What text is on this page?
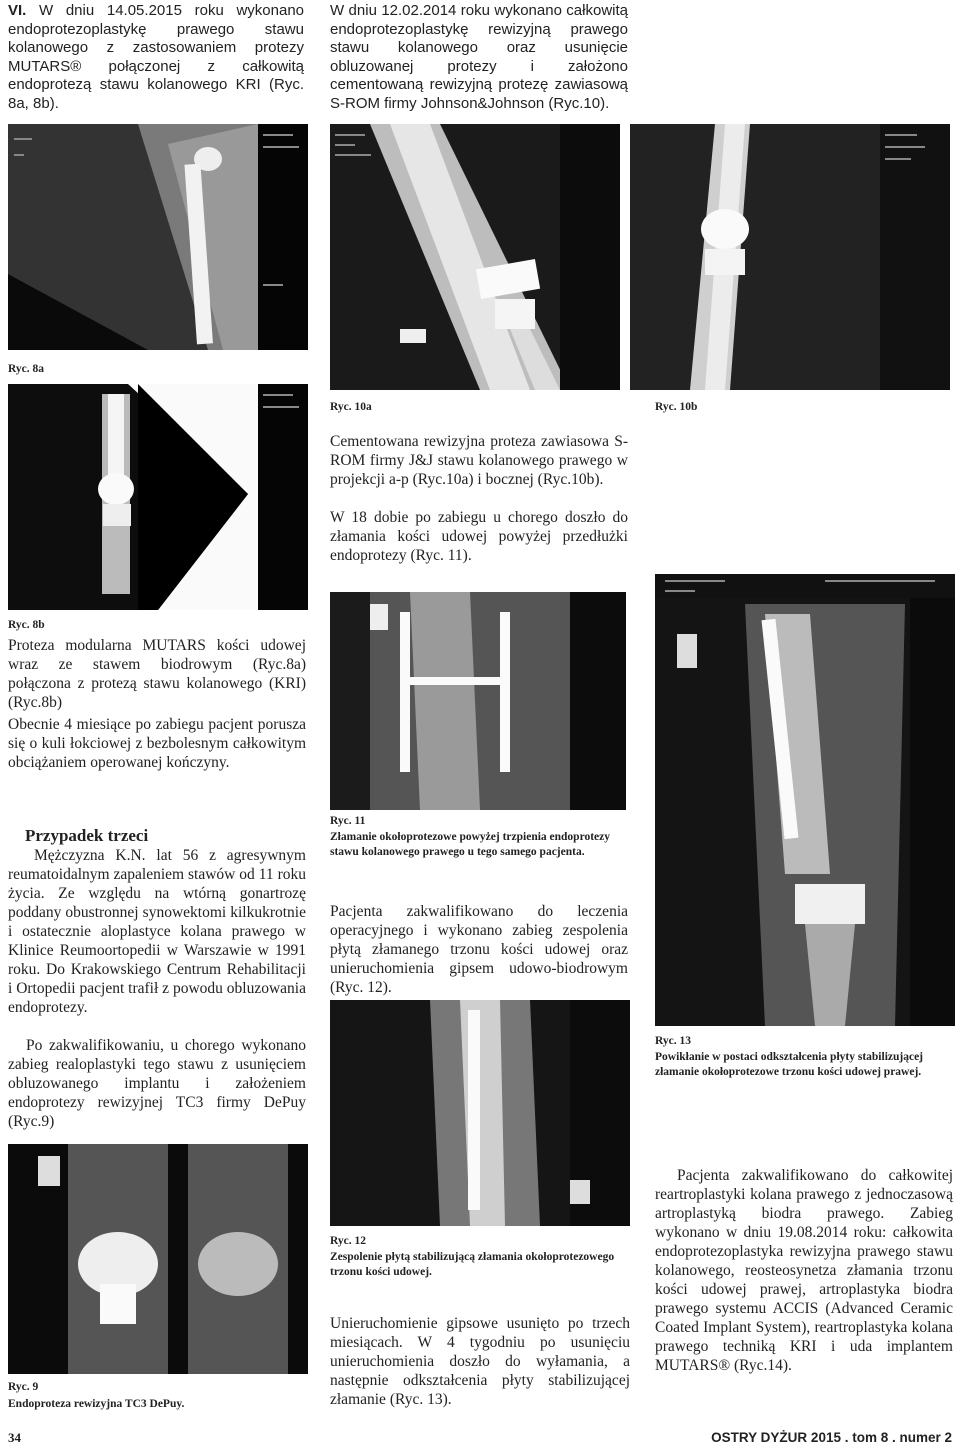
VI. W dniu 14.05.2015 roku wykonano endoprotezoplastykę prawego stawu kolanowego z zastosowaniem protezy MUTARS® połączonej z całkowitą endoprotezą stawu kolanowego KRI (Ryc. 8a, 8b).
W dniu 12.02.2014 roku wykonano całkowitą endoprotezoplastykę rewizyjną prawego stawu kolanowego oraz usunięcie obluzowanej protezy i założono cementowaną rewizyjną protezę zawiasową S-ROM firmy Johnson&Johnson (Ryc.10).
Ryc. 8a
Ryc. 10a	Ryc. 10b
Ryc. 8b
Proteza modularna MUTARS kości udowej wraz ze stawem biodrowym (Ryc.8a) połączona z protezą stawu kolanowego (KRI) (Ryc.8b)
Obecnie 4 miesiące po zabiegu pacjent porusza się o kuli łokciowej z bezbolesnym całkowitym obciążaniem operowanej kończyny.
Cementowana rewizyjna proteza zawiasowa S-ROM firmy J&J stawu kolanowego prawego w projekcji a-p (Ryc.10a) i bocznej (Ryc.10b).
W 18 dobie po zabiegu u chorego doszło do złamania kości udowej powyżej przedłużki endoprotezy (Ryc. 11).
Ryc. 11
Złamanie okołoprotezowe powyżej trzpienia endoprotezy stawu kolanowego prawego u tego samego pacjenta.
Pacjenta zakwalifikowano do leczenia operacyjnego i wykonano zabieg zespolenia płytą złamanego trzonu kości udowej oraz unieruchomienia gipsem udowo-biodrowym (Ryc. 12).
Ryc. 13
Powikłanie w postaci odkształcenia płyty stabilizującej złamanie okołoprotezowe trzonu kości udowej prawej.
Przypadek trzeci
Mężczyzna K.N. lat 56 z agresywnym reumatoidalnym zapaleniem stawów od 11 roku życia. Ze względu na wtórną gonartrozę poddany obustronnej synowektomi kilkukrotnie i ostatecznie aloplastyce kolana prawego w Klinice Reumoortopedii w Warszawie w 1991 roku. Do Krakowskiego Centrum Rehabilitacji i Ortopedii pacjent trafił z powodu obluzowania endoprotezy.
Po zakwalifikowaniu, u chorego wykonano zabieg realoplastyki tego stawu z usunięciem obluzowanego implantu i założeniem endoprotezy rewizyjnej TC3 firmy DePuy (Ryc.9)
Ryc. 12
Zespolenie płytą stabilizującą złamania okołoprotezowego trzonu kości udowej.
Unieruchomienie gipsowe usunięto po trzech miesiącach. W 4 tygodniu po usunięciu unieruchomienia doszło do wyłamania, a następnie odkształcenia płyty stabilizującej złamanie (Ryc. 13).
Pacjenta zakwalifikowano do całkowitej reartroplastyki kolana prawego z jednoczasową artroplastyką biodra prawego. Zabieg wykonano w dniu 19.08.2014 roku: całkowita endoprotezoplastyka rewizyjna prawego stawu kolanowego, reosteosynetza złamania trzonu kości udowej prawej, artroplastyka biodra prawego systemu ACCIS (Advanced Ceramic Coated Implant System), reartroplastyka kolana prawego techniką KRI i uda implantem MUTARS® (Ryc.14).
Ryc. 9
Endoproteza rewizyjna TC3 DePuy.
34	OSTRY DYŻUR 2015 . tom 8 . numer 2
